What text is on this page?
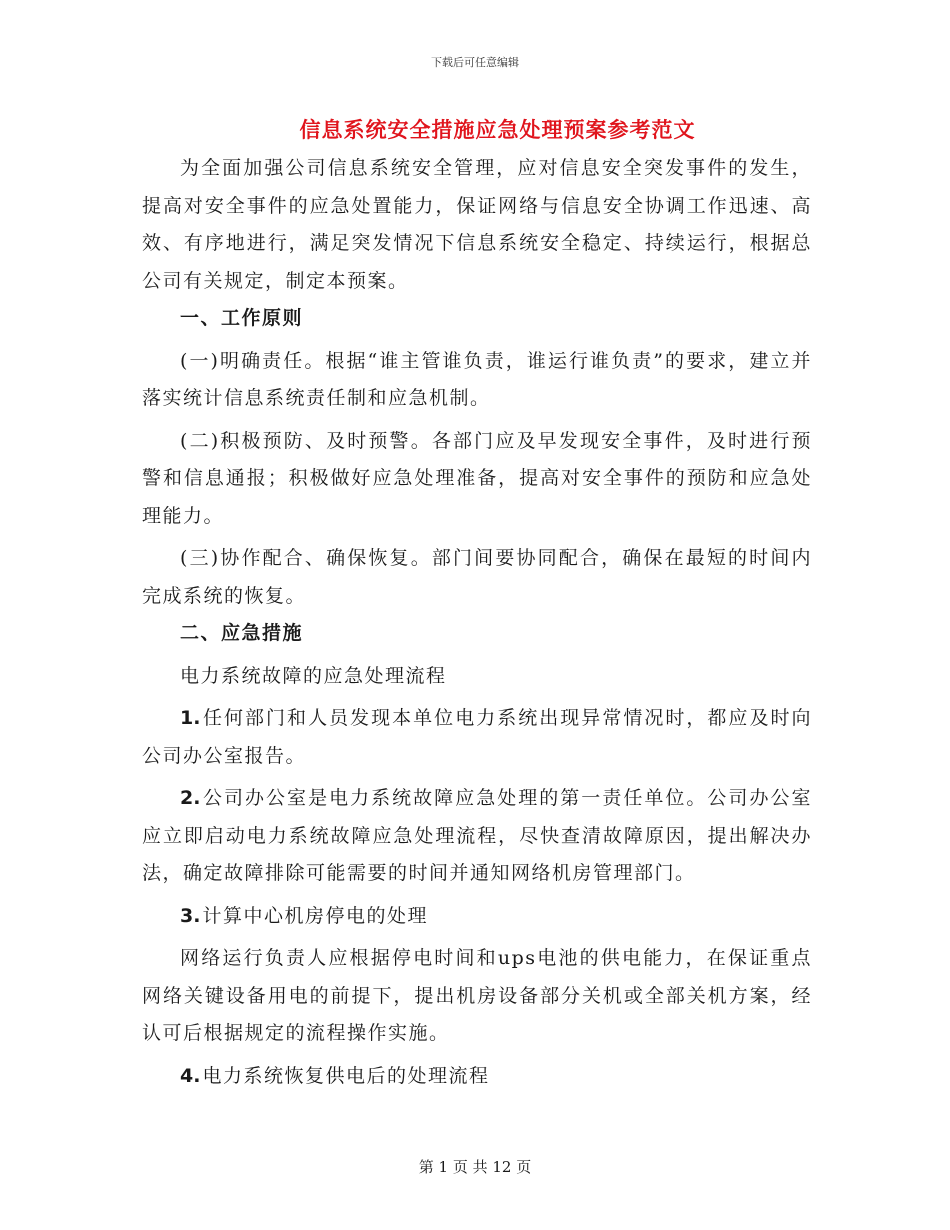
下载后可任意编辑
信息系统安全措施应急处理预案参考范文

为全面加强公司信息系统安全管理，应对信息安全突发事件的发生，提高对安全事件的应急处置能力，保证网络与信息安全协调工作迅速、高效、有序地进行，满足突发情况下信息系统安全稳定、持续运行，根据总公司有关规定，制定本预案。

一、工作原则

(一)明确责任。根据“谁主管谁负责，谁运行谁负责”的要求，建立并落实统计信息系统责任制和应急机制。

(二)积极预防、及时预警。各部门应及早发现安全事件，及时进行预警和信息通报；积极做好应急处理准备，提高对安全事件的预防和应急处理能力。

(三)协作配合、确保恢复。部门间要协同配合，确保在最短的时间内完成系统的恢复。

二、应急措施

电力系统故障的应急处理流程

1. 任何部门和人员发现本单位电力系统出现异常情况时，都应及时向公司办公室报告。

2. 公司办公室是电力系统故障应急处理的第一责任单位。公司办公室应立即启动电力系统故障应急处理流程，尽快查清故障原因，提出解决办法，确定故障排除可能需要的时间并通知网络机房管理部门。

3. 计算中心机房停电的处理

网络运行负责人应根据停电时间和ups电池的供电能力，在保证重点网络关键设备用电的前提下，提出机房设备部分关机或全部关机方案，经认可后根据规定的流程操作实施。

4. 电力系统恢复供电后的处理流程

第 1 页 共 12 页
